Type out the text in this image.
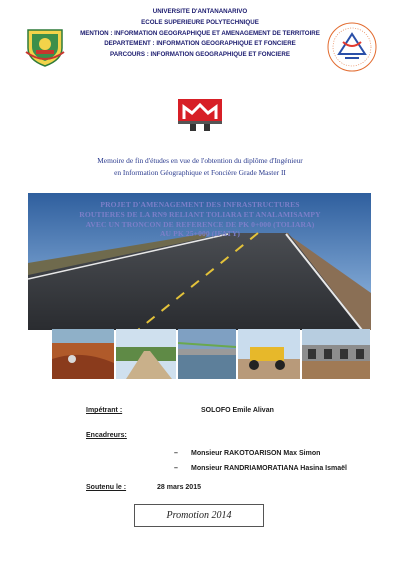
UNIVERSITE D'ANTANANARIVO
ECOLE SUPERIEURE POLYTECHNIQUE
MENTION : INFORMATION GEOGRAPHIQUE ET AMENAGEMENT DE TERRITOIRE
DEPARTEMENT : INFORMATION GEOGRAPHIQUE ET FONCIERE
PARCOURS : INFORMATION GEOGRAPHIQUE ET FONCIERE
Memoire de fin d'études en vue de l'obtention du diplôme d'Ingénieur
en Information Géographique et Foncière Grade Master II
PROJET D'AMENAGEMENT DES INFRASTRUCTURES
ROUTIERES DE LA RN9 RELIANT TOLIARA ET ANALAMISAMPY
AVEC UN TRONCON DE REFERENCE DE PK 0+000 (TOLIARA)
AU PK 25+000 (IFATY)
Impétrant :	SOLOFO Emile Alivan
Encadreurs:
– Monsieur RAKOTOARISON Max Simon
– Monsieur RANDRIAMORATIANA Hasina Ismaël
Soutenu le :	28 mars 2015
Promotion 2014
